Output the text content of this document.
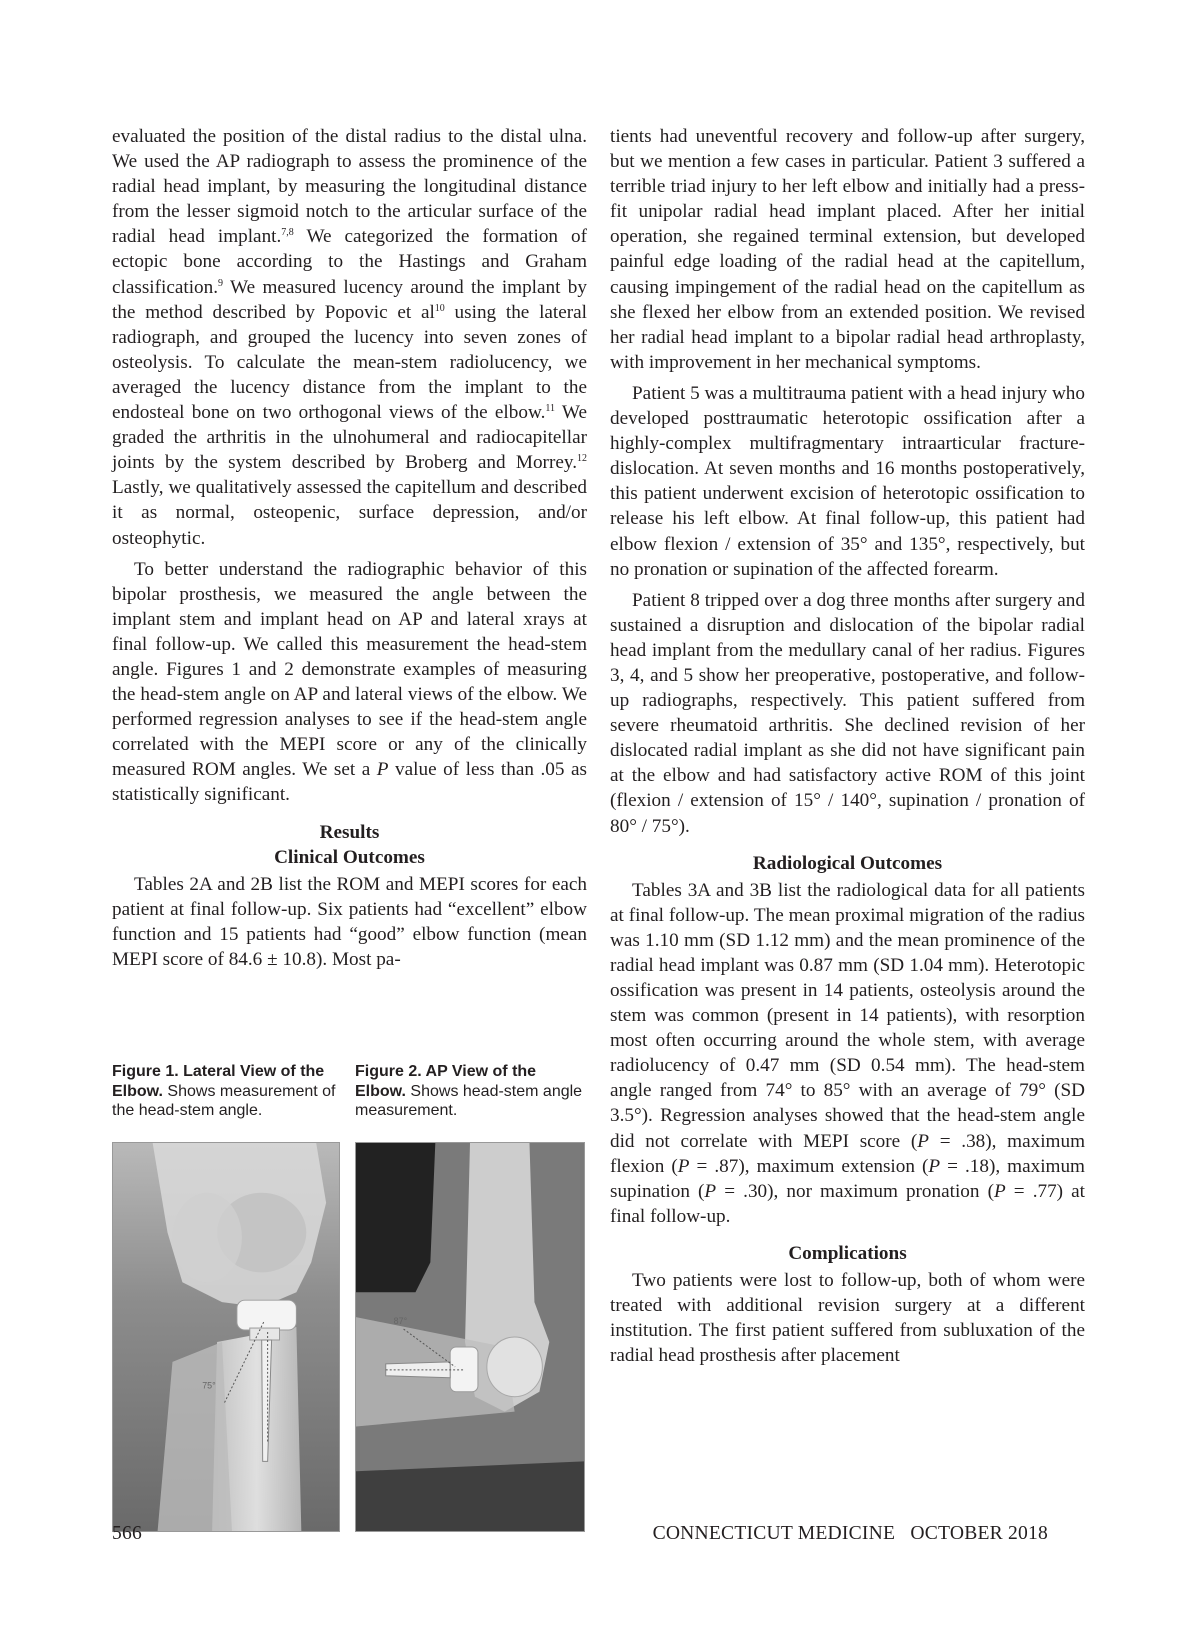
evaluated the position of the distal radius to the distal ulna. We used the AP radiograph to assess the prominence of the radial head implant, by measuring the longitudinal distance from the lesser sigmoid notch to the articular surface of the radial head implant.$^{7,8}$ We categorized the formation of ectopic bone according to the Hastings and Graham classification.$^9$ We measured lucency around the implant by the method described by Popovic et $al^{10}$ using the lateral radiograph, and grouped the lucency into seven zones of osteolysis. To calculate the mean-stem radiolucency, we averaged the lucency distance from the implant to the endosteal bone on two orthogonal views of the elbow.$^{11}$ We graded the arthritis in the ulnohumeral and radiocapitellar joints by the system described by Broberg and Morrey.$^{12}$ Lastly, we qualitatively assessed the capitellum and described it as normal, osteopenic, surface depression, and/or osteophytic.

To better understand the radiographic behavior of this bipolar prosthesis, we measured the angle between the implant stem and implant head on AP and lateral xrays at final follow-up. We called this measurement the head-stem angle. Figures 1 and 2 demonstrate examples of measuring the head-stem angle on AP and lateral views of the elbow. We performed regression analyses to see if the head-stem angle correlated with the MEPI score or any of the clinically measured ROM angles. We set a P value of less than .05 as statistically significant.

Results
Clinical Outcomes

Tables 2A and 2B list the ROM and MEPI scores for each patient at final follow-up. Six patients had “excellent” elbow function and 15 patients had “good” elbow function (mean MEPI score of 84.6 ± 10.8). Most pa-

Figure 1. Lateral View of the Elbow. Shows measurement of the head-stem angle.
75°
Figure 2. AP View of the Elbow. Shows head-stem angle measurement.
87°

tients had uneventful recovery and follow-up after surgery, but we mention a few cases in particular. Patient 3 suffered a terrible triad injury to her left elbow and initially had a press-fit unipolar radial head implant placed. After her initial operation, she regained terminal extension, but developed painful edge loading of the radial head at the capitellum, causing impingement of the radial head on the capitellum as she flexed her elbow from an extended position. We revised her radial head implant to a bipolar radial head arthroplasty, with improvement in her mechanical symptoms.

Patient 5 was a multitrauma patient with a head injury who developed posttraumatic heterotopic ossification after a highly-complex multifragmentary intraarticular fracture-dislocation. At seven months and 16 months postoperatively, this patient underwent excision of heterotopic ossification to release his left elbow. At final follow-up, this patient had elbow flexion / extension of 35° and 135°, respectively, but no pronation or supination of the affected forearm.

Patient 8 tripped over a dog three months after surgery and sustained a disruption and dislocation of the bipolar radial head implant from the medullary canal of her radius. Figures 3, 4, and 5 show her preoperative, postoperative, and follow-up radiographs, respectively. This patient suffered from severe rheumatoid arthritis. She declined revision of her dislocated radial implant as she did not have significant pain at the elbow and had satisfactory active ROM of this joint (flexion / extension of 15° / 140°, supination / pronation of 80° / 75°).

Radiological Outcomes

Tables 3A and 3B list the radiological data for all patients at final follow-up. The mean proximal migration of the radius was 1.10 mm (SD 1.12 mm) and the mean prominence of the radial head implant was 0.87 mm (SD 1.04 mm). Heterotopic ossification was present in 14 patients, osteolysis around the stem was common (present in 14 patients), with resorption most often occurring around the whole stem, with average radiolucency of 0.47 mm (SD 0.54 mm). The head-stem angle ranged from 74° to 85° with an average of 79° (SD 3.5°). Regression analyses showed that the head-stem angle did not correlate with MEPI score (P = .38), maximum flexion (P = .87), maximum extension (P = .18), maximum supination (P = .30), nor maximum pronation (P = .77) at final follow-up.

Complications

Two patients were lost to follow-up, both of whom were treated with additional revision surgery at a different institution. The first patient suffered from subluxation of the radial head prosthesis after placement

566	CONNECTICUT MEDICINE   OCTOBER 2018
